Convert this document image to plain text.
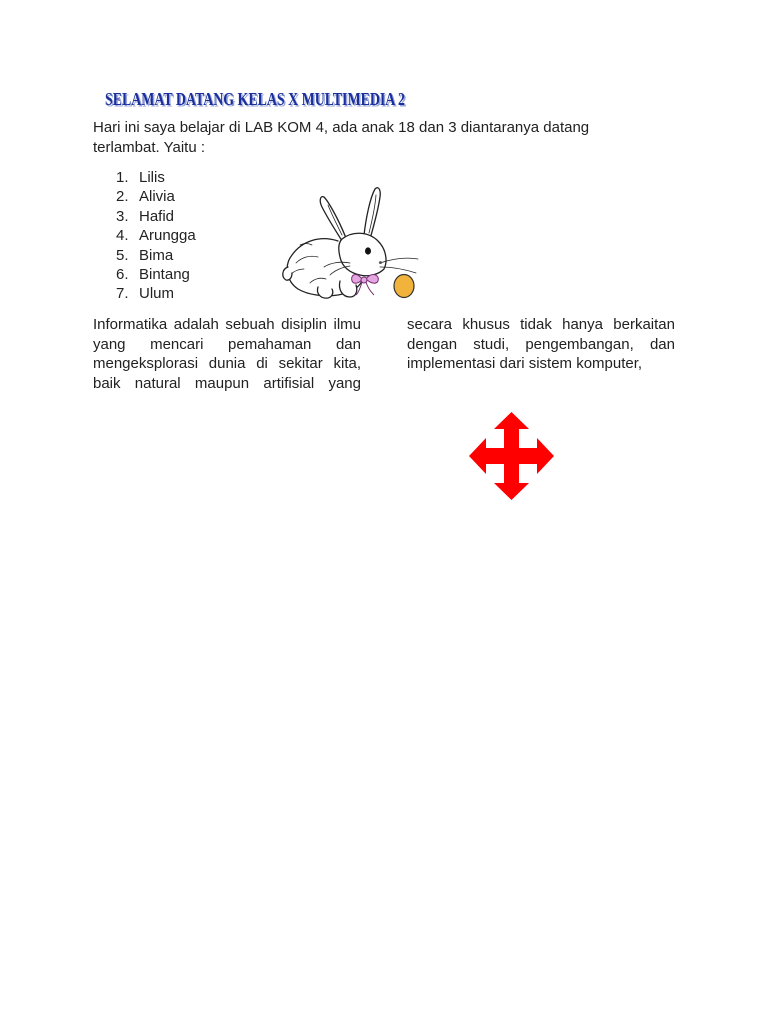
SELAMAT DATANG KELAS X MULTIMEDIA 2
SELAMAT DATANG KELAS X MULTIMEDIA 2

Hari ini saya belajar di LAB KOM 4, ada anak 18 dan 3 diantaranya datang terlambat. Yaitu :

1. Lilis
2. Alivia
3. Hafid
4. Arungga
5. Bima
6. Bintang
7. Ulum

Informatika adalah sebuah disiplin ilmu yang mencari pemahaman dan mengeksplorasi dunia di sekitar kita, baik natural maupun artifisial yang

secara khusus tidak hanya berkaitan dengan studi, pengembangan, dan implementasi dari sistem komputer,
